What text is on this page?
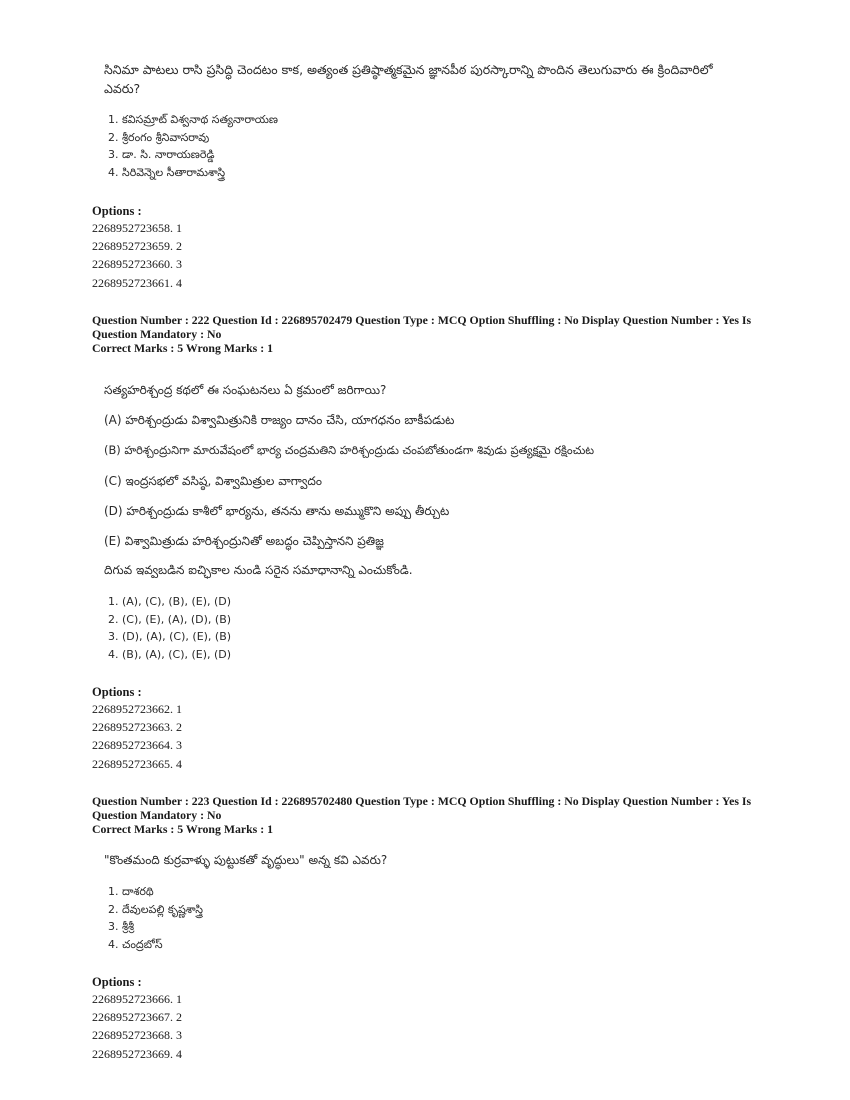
సినిమా పాటలు రాసి ప్రసిద్ధి చెందటం కాక, అత్యంత ప్రతిష్ఠాత్మకమైన జ్ఞానపీఠ పురస్కారాన్ని పొందిన తెలుగువారు ఈ క్రిందివారిలో ఎవరు?
1. కవిసమ్రాట్ విశ్వనాథ సత్యనారాయణ
2. శ్రీరంగం శ్రీనివాసరావు
3. డా. సి. నారాయణరెడ్డి
4. సిరివెన్నెల సీతారామశాస్త్రి
Options :
2268952723658. 1
2268952723659. 2
2268952723660. 3
2268952723661. 4
Question Number : 222 Question Id : 226895702479 Question Type : MCQ Option Shuffling : No Display Question Number : Yes Is
Question Mandatory : No
Correct Marks : 5 Wrong Marks : 1
సత్యహరిశ్చంద్ర కథలో ఈ సంఘటనలు ఏ క్రమంలో జరిగాయి?
(A) హరిశ్చంద్రుడు విశ్వామిత్రునికి రాజ్యం దానం చేసి, యాగధనం బాకీపడుట
(B) హరిశ్చంద్రునిగా మారువేషంలో భార్య చంద్రమతిని హరిశ్చంద్రుడు చంపబోతుండగా శివుడు ప్రత్యక్షమై రక్షించుట
(C) ఇంద్రసభలో వసిష్ఠ, విశ్వామిత్రుల వాగ్వాదం
(D) హరిశ్చంద్రుడు కాశీలో భార్యను, తనను తాను అమ్ముకొని అప్పు తీర్చుట
(E) విశ్వామిత్రుడు హరిశ్చంద్రునితో అబద్ధం చెప్పిస్తానని ప్రతిజ్ఞ
దిగువ ఇవ్వబడిన ఐచ్ఛికాల నుండి సరైన సమాధానాన్ని ఎంచుకోండి.
1. (A), (C), (B), (E), (D)
2. (C), (E), (A), (D), (B)
3. (D), (A), (C), (E), (B)
4. (B), (A), (C), (E), (D)
Options :
2268952723662. 1
2268952723663. 2
2268952723664. 3
2268952723665. 4
Question Number : 223 Question Id : 226895702480 Question Type : MCQ Option Shuffling : No Display Question Number : Yes Is
Question Mandatory : No
Correct Marks : 5 Wrong Marks : 1
"కొంతమంది కుర్రవాళ్ళు పుట్టుకతో వృద్ధులు" అన్న కవి ఎవరు?
1. దాశరథి
2. దేవులపల్లి కృష్ణశాస్త్రి
3. శ్రీశ్రీ
4. చంద్రబోస్
Options :
2268952723666. 1
2268952723667. 2
2268952723668. 3
2268952723669. 4
